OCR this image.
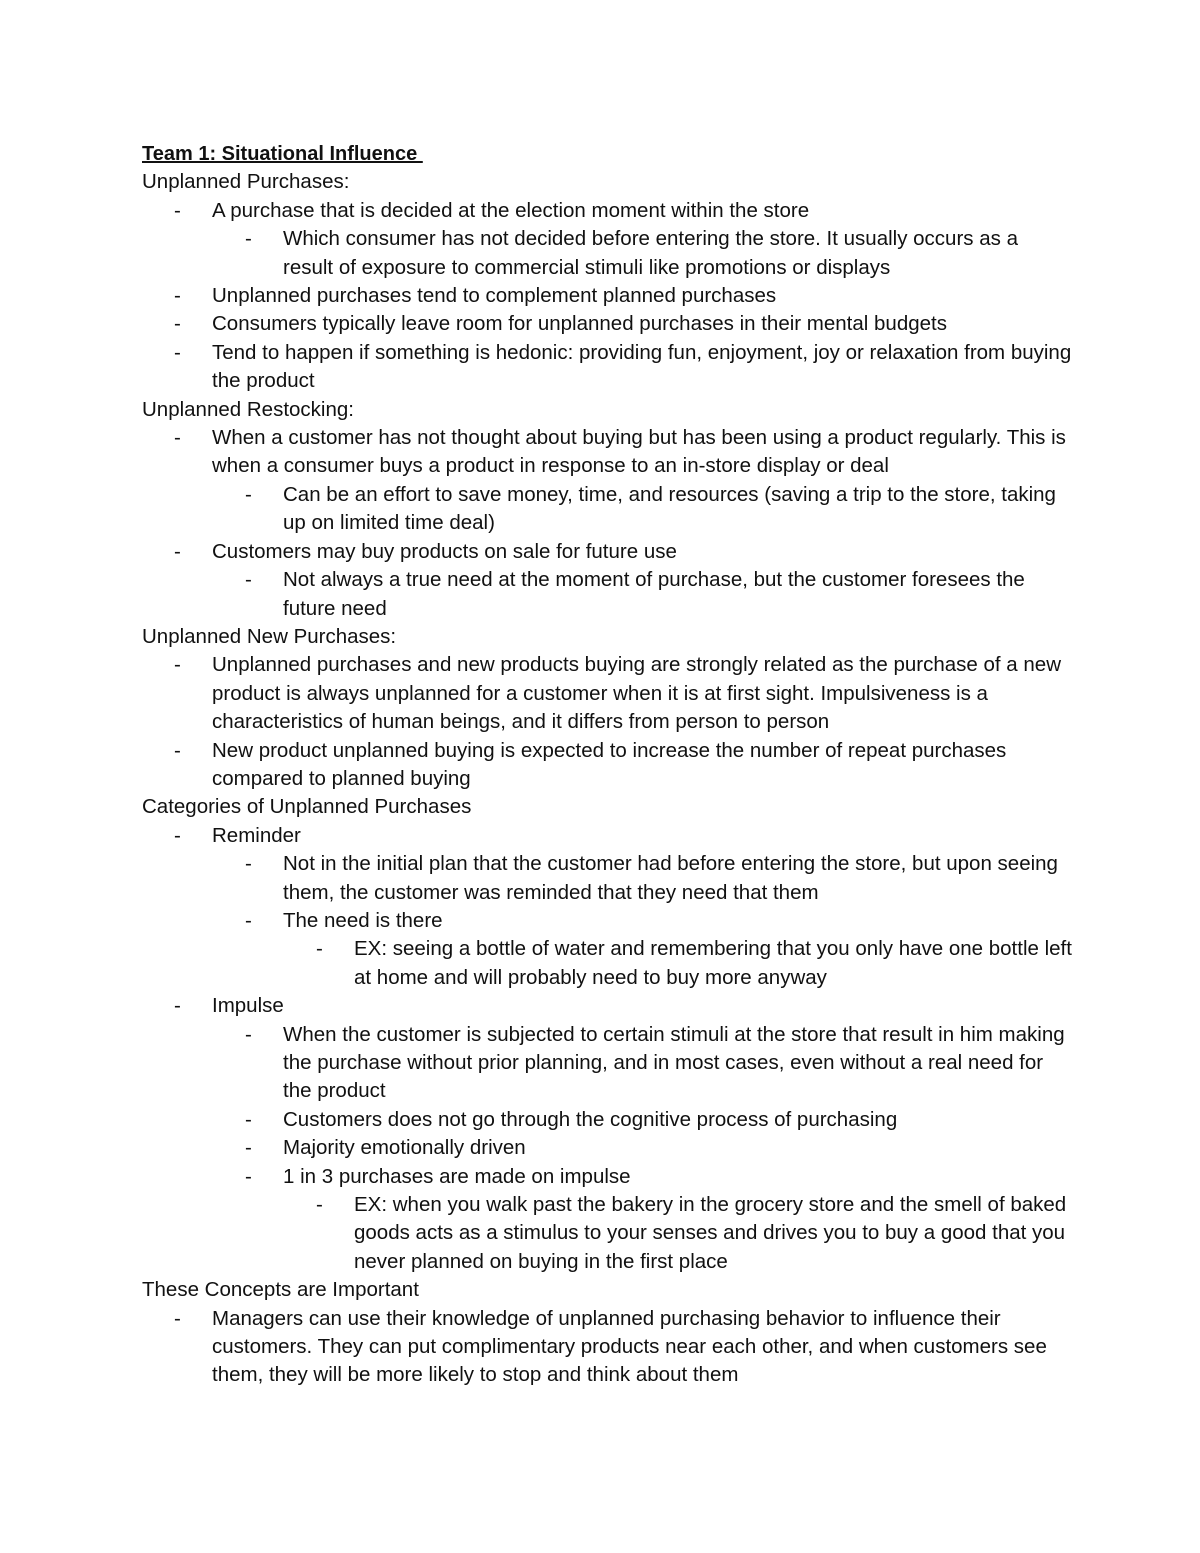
Team 1: Situational Influence
Unplanned Purchases:
- A purchase that is decided at the election moment within the store
- Which consumer has not decided before entering the store. It usually occurs as a result of exposure to commercial stimuli like promotions or displays
- Unplanned purchases tend to complement planned purchases
- Consumers typically leave room for unplanned purchases in their mental budgets
- Tend to happen if something is hedonic: providing fun, enjoyment, joy or relaxation from buying the product
Unplanned Restocking:
- When a customer has not thought about buying but has been using a product regularly. This is when a consumer buys a product in response to an in-store display or deal
- Can be an effort to save money, time, and resources (saving a trip to the store, taking up on limited time deal)
- Customers may buy products on sale for future use
- Not always a true need at the moment of purchase, but the customer foresees the future need
Unplanned New Purchases:
- Unplanned purchases and new products buying are strongly related as the purchase of a new product is always unplanned for a customer when it is at first sight. Impulsiveness is a characteristics of human beings, and it differs from person to person
- New product unplanned buying is expected to increase the number of repeat purchases compared to planned buying
Categories of Unplanned Purchases
- Reminder
- Not in the initial plan that the customer had before entering the store, but upon seeing them, the customer was reminded that they need that them
- The need is there
- EX: seeing a bottle of water and remembering that you only have one bottle left at home and will probably need to buy more anyway
- Impulse
- When the customer is subjected to certain stimuli at the store that result in him making the purchase without prior planning, and in most cases, even without a real need for the product
- Customers does not go through the cognitive process of purchasing
- Majority emotionally driven
- 1 in 3 purchases are made on impulse
- EX: when you walk past the bakery in the grocery store and the smell of baked goods acts as a stimulus to your senses and drives you to buy a good that you never planned on buying in the first place
These Concepts are Important
- Managers can use their knowledge of unplanned purchasing behavior to influence their customers. They can put complimentary products near each other, and when customers see them, they will be more likely to stop and think about them
